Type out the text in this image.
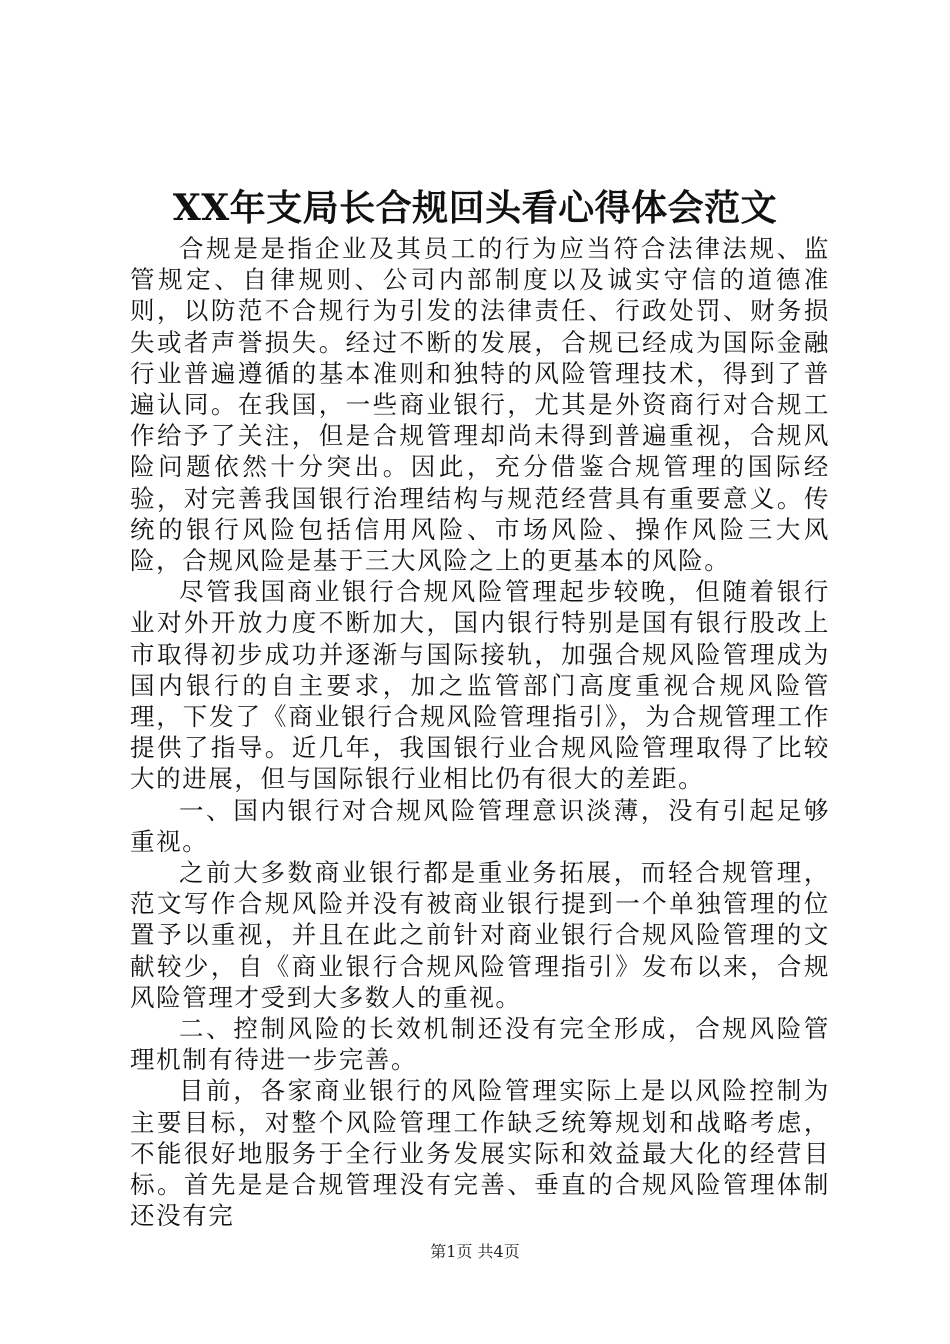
XX年支局长合规回头看心得体会范文

合规是是指企业及其员工的行为应当符合法律法规、监管规定、自律规则、公司内部制度以及诚实守信的道德准则，以防范不合规行为引发的法律责任、行政处罚、财务损失或者声誉损失。经过不断的发展，合规已经成为国际金融行业普遍遵循的基本准则和独特的风险管理技术，得到了普遍认同。在我国，一些商业银行，尤其是外资商行对合规工作给予了关注，但是合规管理却尚未得到普遍重视，合规风险问题依然十分突出。因此，充分借鉴合规管理的国际经验，对完善我国银行治理结构与规范经营具有重要意义。传统的银行风险包括信用风险、市场风险、操作风险三大风险，合规风险是基于三大风险之上的更基本的风险。

尽管我国商业银行合规风险管理起步较晚，但随着银行业对外开放力度不断加大，国内银行特别是国有银行股改上市取得初步成功并逐渐与国际接轨，加强合规风险管理成为国内银行的自主要求，加之监管部门高度重视合规风险管理，下发了《商业银行合规风险管理指引》，为合规管理工作提供了指导。近几年，我国银行业合规风险管理取得了比较大的进展，但与国际银行业相比仍有很大的差距。

一、国内银行对合规风险管理意识淡薄，没有引起足够重视。

之前大多数商业银行都是重业务拓展，而轻合规管理，范文写作合规风险并没有被商业银行提到一个单独管理的位置予以重视，并且在此之前针对商业银行合规风险管理的文献较少，自《商业银行合规风险管理指引》发布以来，合规风险管理才受到大多数人的重视。

二、控制风险的长效机制还没有完全形成，合规风险管理机制有待进一步完善。

目前，各家商业银行的风险管理实际上是以风险控制为主要目标，对整个风险管理工作缺乏统筹规划和战略考虑，不能很好地服务于全行业务发展实际和效益最大化的经营目标。首先是是合规管理没有完善、垂直的合规风险管理体制还没有完

第1页 共4页
